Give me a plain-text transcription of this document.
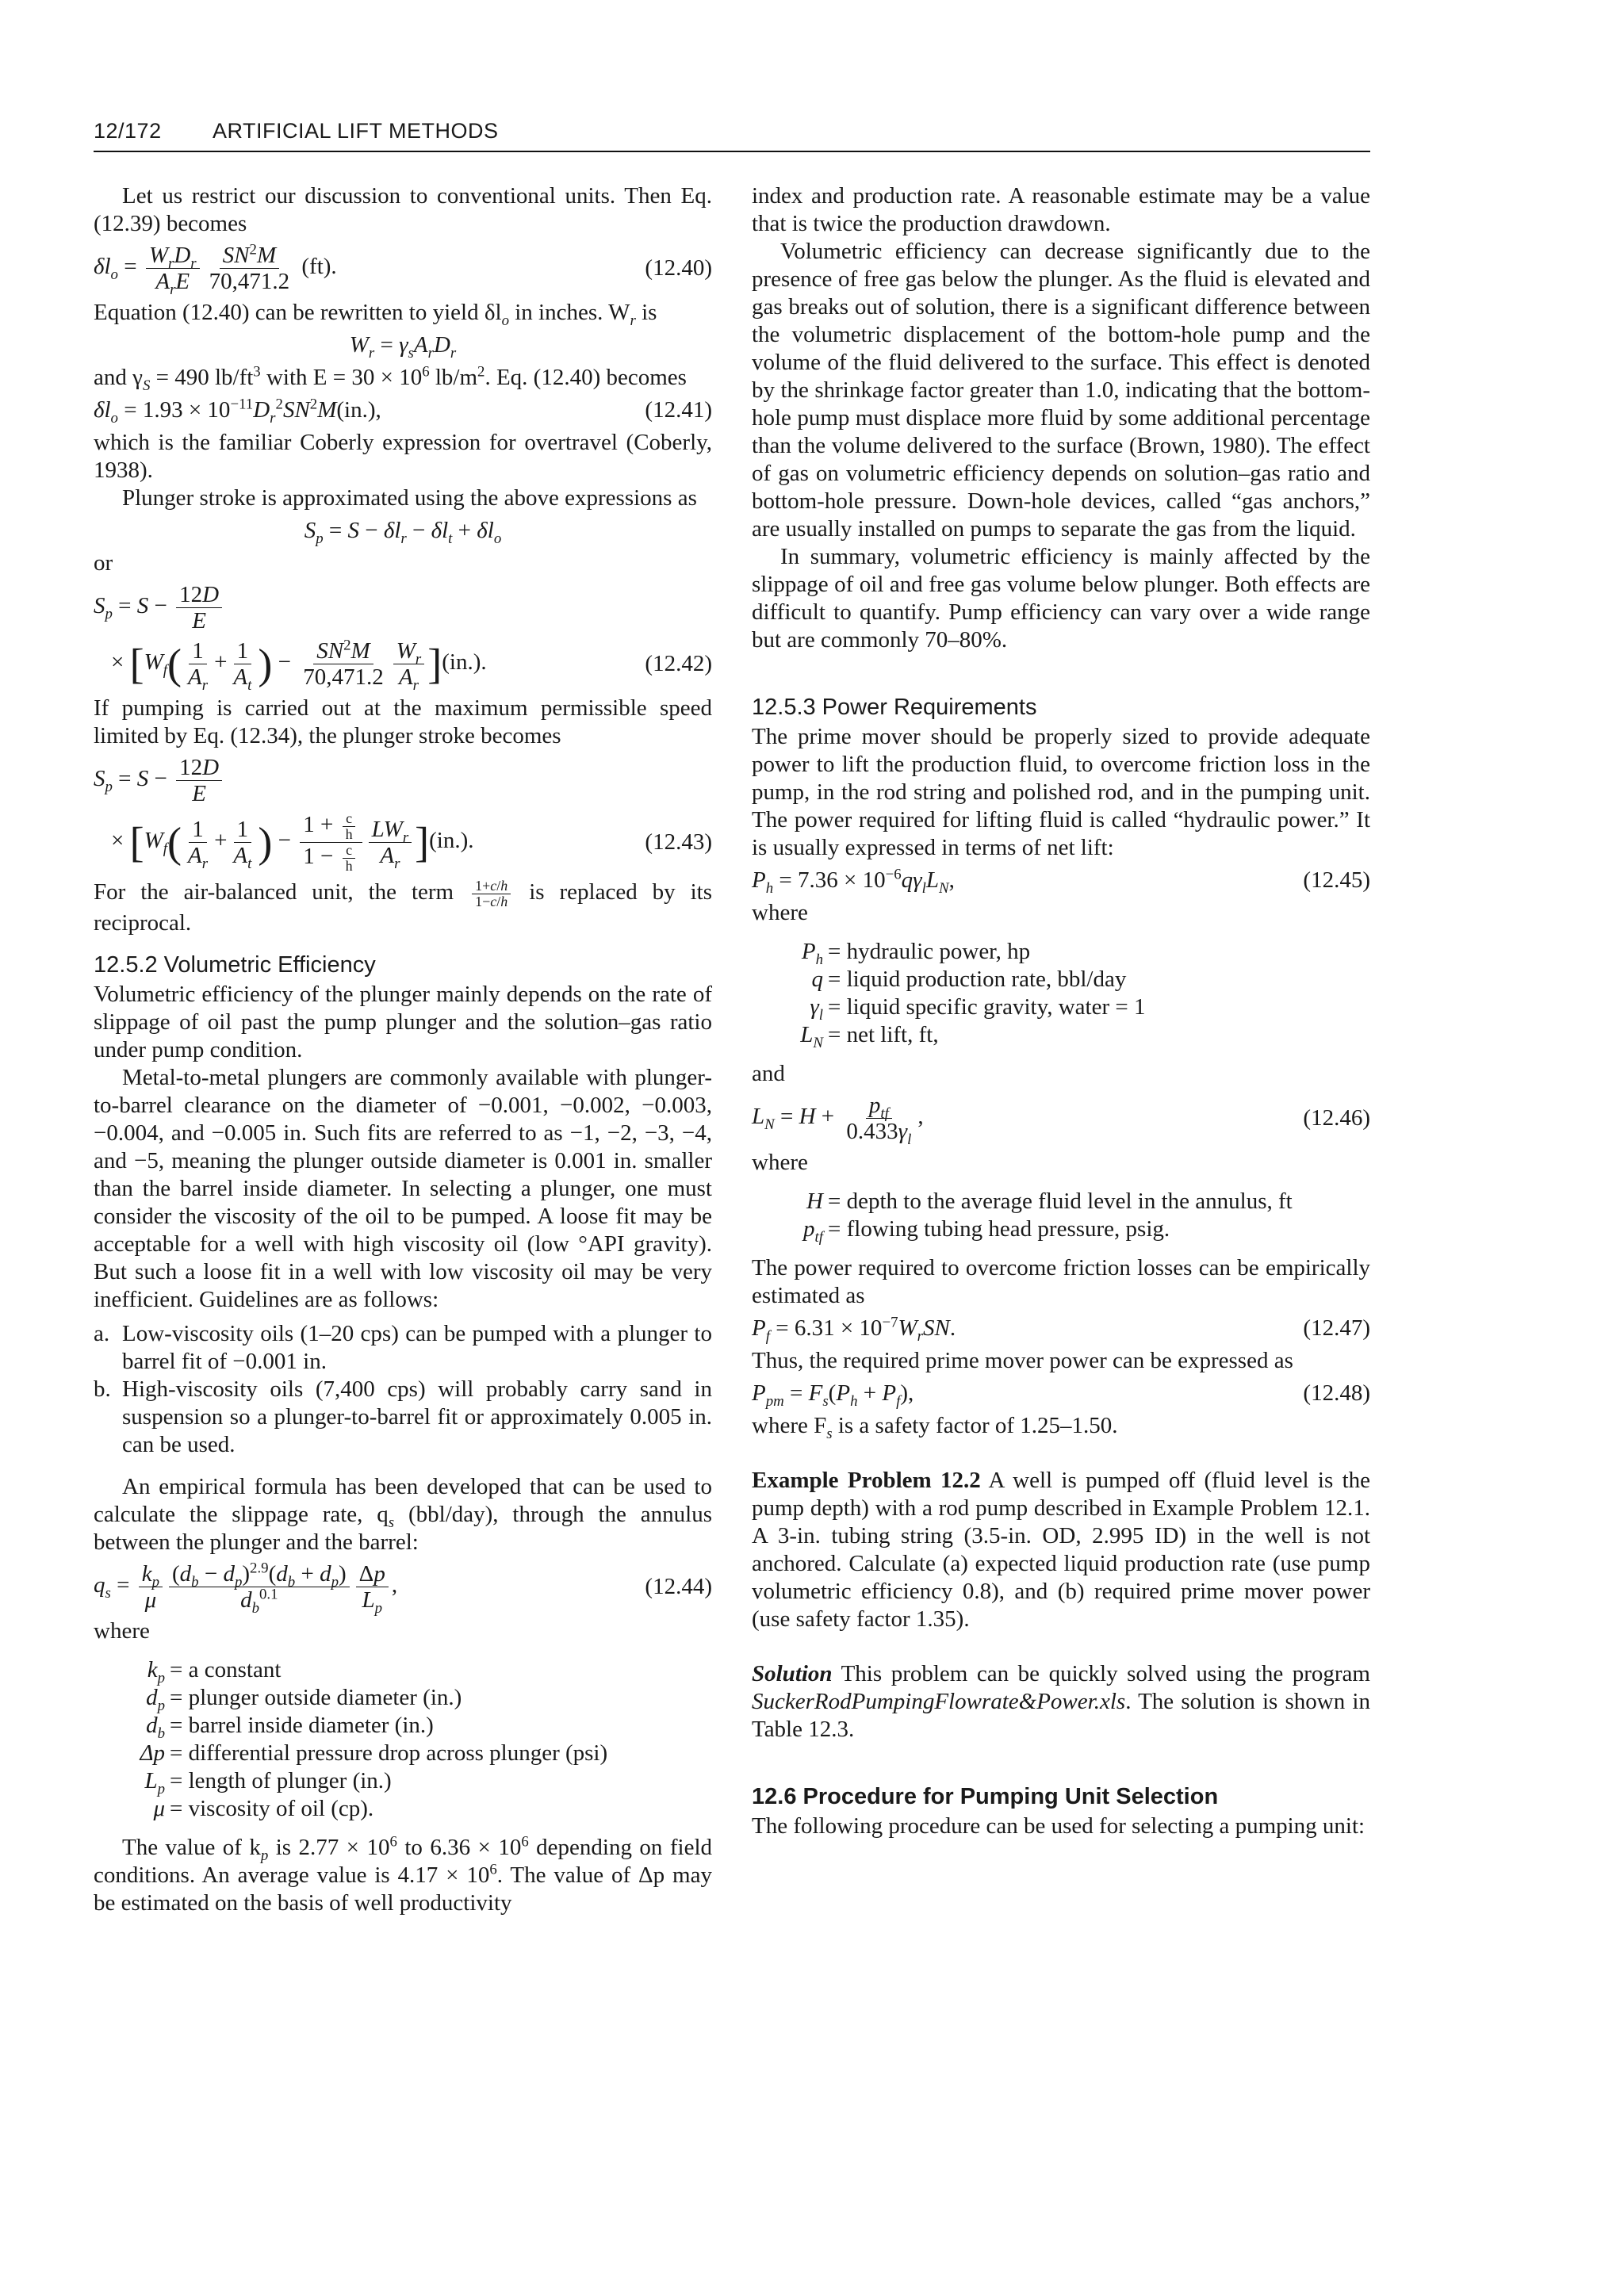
12/172 ARTIFICIAL LIFT METHODS

Let us restrict our discussion to conventional units. Then Eq. (12.39) becomes

$\delta l_o = \frac{W_rD_r}{A_rE} \frac{SN^2M}{70,471.2} (ft)$.	(12.40)

Equation (12.40) can be rewritten to yield $\delta l_o$ in inches. $W_r$ is

$W_r = \gamma_sA_rD_r$

and $\gamma_S = 490$ $lb/ft^3$ with $E = 30 \times 10^6$ $lb/m^2$. Eq. (12.40) becomes

$\delta l_o = 1.93 \times 10^{-11}D_r^2SN^2M(in.)$,	(12.41)

which is the familiar Coberly expression for overtravel (Coberly, 1938).

Plunger stroke is approximated using the above expressions as

$S_p = S - \delta l_r - \delta l_t + \delta l_o$

or

$S_p = S - \frac{12D}{E}$
× [$W_f( \frac{1}{A_r} + \frac{1}{A_t}$ ) − $\frac{SN^2M}{70,471.2} \frac{W_r}{A_r} ](in.)$.	(12.42)

If pumping is carried out at the maximum permissible speed limited by Eq. (12.34), the plunger stroke becomes

$S_p = S - \frac{12D}{E}$
× [$W_f( \frac{1}{A_r} + \frac{1}{A_t}$ ) − $\frac{1 + \frac{c}{h}}{1 - \frac{c}{h}} \frac{LW_r}{A_r} ](in.)$.	(12.43)

For the air-balanced unit, the term $\frac{1+c/h}{1-c/h}$ is replaced by its reciprocal.

12.5.2 Volumetric Efficiency

Volumetric efficiency of the plunger mainly depends on the rate of slippage of oil past the pump plunger and the solution–gas ratio under pump condition.

Metal-to-metal plungers are commonly available with plunger-to-barrel clearance on the diameter of −0.001, −0.002, −0.003, −0.004, and −0.005 in. Such fits are referred to as −1, −2, −3, −4, and −5, meaning the plunger outside diameter is 0.001 in. smaller than the barrel inside diameter. In selecting a plunger, one must consider the viscosity of the oil to be pumped. A loose fit may be acceptable for a well with high viscosity oil (low °API gravity). But such a loose fit in a well with low viscosity oil may be very inefficient. Guidelines are as follows:

a. Low-viscosity oils (1–20 cps) can be pumped with a plunger to barrel fit of −0.001 in.
b. High-viscosity oils (7,400 cps) will probably carry sand in suspension so a plunger-to-barrel fit or approximately 0.005 in. can be used.

An empirical formula has been developed that can be used to calculate the slippage rate, $q_s$ (bbl/day), through the annulus between the plunger and the barrel:

$q_s = \frac{k_p}{\mu} \frac{(d_b - d_p)^{2.9}(d_b + d_p)}{d_b^{0.1}} \frac{\Delta p}{L_p}$ ,	(12.44)

where

$k_p = a$ constant
$d_p$ = plunger outside diameter (in.)
$d_b$ = barrel inside diameter (in.)
Δp = differential pressure drop across plunger (psi)
$L_p$ = length of plunger (in.)
μ = viscosity of oil (cp).

The value of $k_p$ is $2.77 \times 10^6$ to $6.36 \times 10^6$ depending on field conditions. An average value is $4.17 \times 10^6$. The value of Δp may be estimated on the basis of well productivity

index and production rate. A reasonable estimate may be a value that is twice the production drawdown.

Volumetric efficiency can decrease significantly due to the presence of free gas below the plunger. As the fluid is elevated and gas breaks out of solution, there is a significant difference between the volumetric displacement of the bottom-hole pump and the volume of the fluid delivered to the surface. This effect is denoted by the shrinkage factor greater than 1.0, indicating that the bottom-hole pump must displace more fluid by some additional percentage than the volume delivered to the surface (Brown, 1980). The effect of gas on volumetric efficiency depends on solution–gas ratio and bottom-hole pressure. Down-hole devices, called “gas anchors,” are usually installed on pumps to separate the gas from the liquid.

In summary, volumetric efficiency is mainly affected by the slippage of oil and free gas volume below plunger. Both effects are difficult to quantify. Pump efficiency can vary over a wide range but are commonly 70–80%.

12.5.3 Power Requirements

The prime mover should be properly sized to provide adequate power to lift the production fluid, to overcome friction loss in the pump, in the rod string and polished rod, and in the pumping unit. The power required for lifting fluid is called “hydraulic power.” It is usually expressed in terms of net lift:

$P_h = 7.36 \times 10^{-6}q\gamma_lL_N$,	(12.45)

where

$P_h$ = hydraulic power, hp
q = liquid production rate, bbl/day
$\gamma_l$ = liquid specific gravity, water = 1
$L_N$ = net lift, ft,

and

$L_N = H + \frac{p_{tf}}{0.433\gamma_l}$ ,	(12.46)

where

H = depth to the average fluid level in the annulus, ft
$p_{tf}$ = flowing tubing head pressure, psig.

The power required to overcome friction losses can be empirically estimated as

$P_f = 6.31 \times 10^{-7}W_rSN$.	(12.47)

Thus, the required prime mover power can be expressed as

$P_{pm} = F_s(P_h + P_f)$,	(12.48)

where $F_s$ is a safety factor of 1.25–1.50.

Example Problem 12.2 A well is pumped off (fluid level is the pump depth) with a rod pump described in Example Problem 12.1. A 3-in. tubing string (3.5-in. OD, 2.995 ID) in the well is not anchored. Calculate (a) expected liquid production rate (use pump volumetric efficiency 0.8), and (b) required prime mover power (use safety factor 1.35).

Solution This problem can be quickly solved using the program SuckerRodPumpingFlowrate&Power.xls. The solution is shown in Table 12.3.

12.6 Procedure for Pumping Unit Selection

The following procedure can be used for selecting a pumping unit:
